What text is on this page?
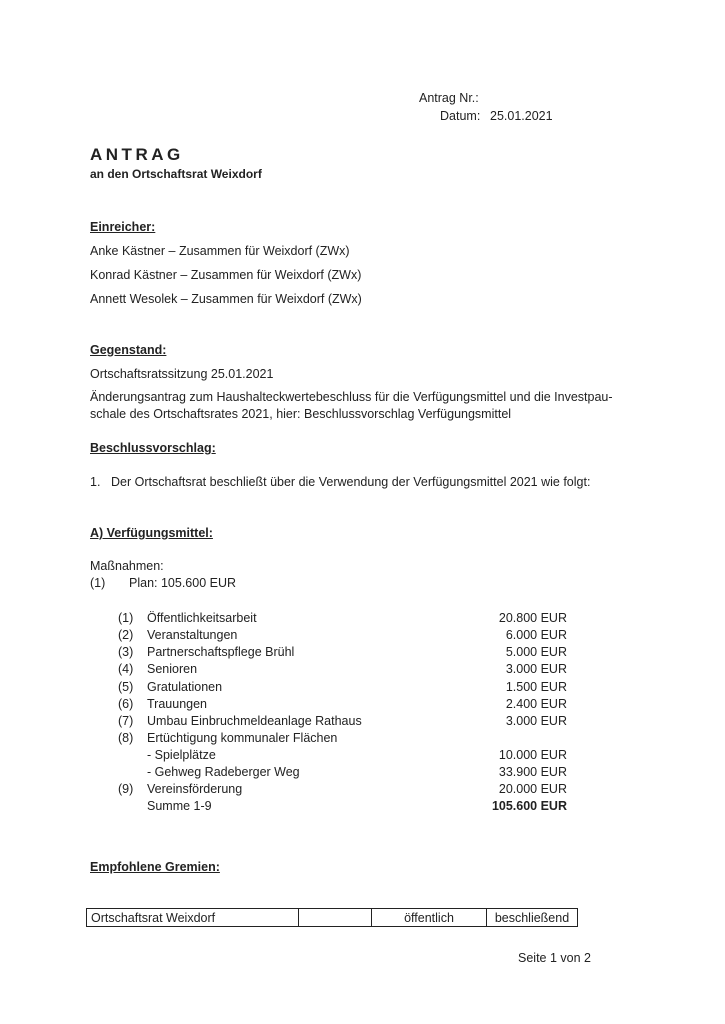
Antrag Nr.:
Datum: 25.01.2021
ANTRAG
an den Ortschaftsrat Weixdorf
Einreicher:
Anke Kästner – Zusammen für Weixdorf (ZWx)
Konrad Kästner – Zusammen für Weixdorf (ZWx)
Annett Wesolek – Zusammen für Weixdorf (ZWx)
Gegenstand:
Ortschaftsratssitzung 25.01.2021
Änderungsantrag zum Haushalteckwertebeschluss für die Verfügungsmittel und die Investpau-
schale des Ortschaftsrates 2021, hier: Beschlussvorschlag Verfügungsmittel
Beschlussvorschlag:
1. Der Ortschaftsrat beschließt über die Verwendung der Verfügungsmittel 2021 wie folgt:
A) Verfügungsmittel:
Maßnahmen:
(1) Plan: 105.600 EUR
(1)	Öffentlichkeitsarbeit	20.800 EUR
(2)	Veranstaltungen	6.000 EUR
(3)	Partnerschaftspflege Brühl	5.000 EUR
(4)	Senioren	3.000 EUR
(5)	Gratulationen	1.500 EUR
(6)	Trauungen	2.400 EUR
(7)	Umbau Einbruchmeldeanlage Rathaus	3.000 EUR
(8)	Ertüchtigung kommunaler Flächen
- Spielplätze	10.000 EUR
- Gehweg Radeberger Weg	33.900 EUR
(9)	Vereinsförderung	20.000 EUR
Summe 1-9	105.600 EUR
Empfohlene Gremien:
Ortschaftsrat Weixdorf		öffentlich	beschließend
Seite 1 von 2
